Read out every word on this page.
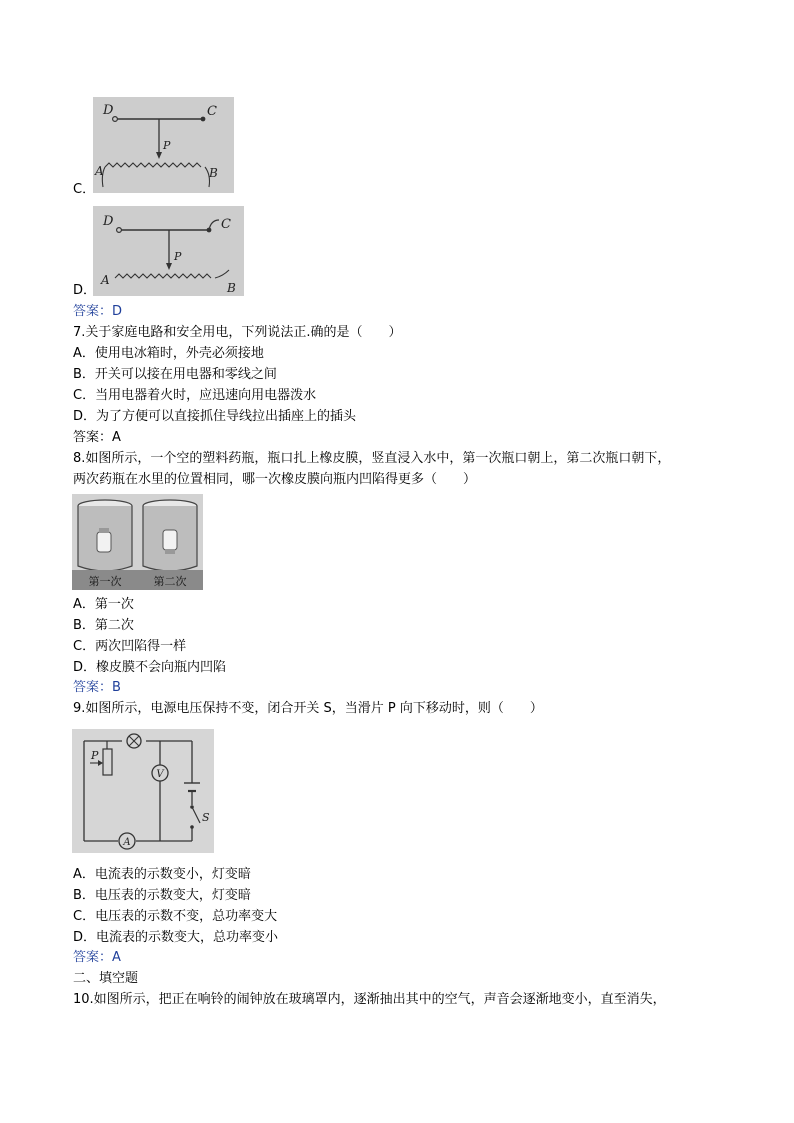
D	C
P
A	B
C．
D	C
P
A
B
D．
答案：D
7.关于家庭电路和安全用电，下列说法正.确的是（　　）
A．使用电冰箱时，外壳必须接地
B．开关可以接在用电器和零线之间
C．当用电器着火时，应迅速向用电器泼水
D．为了方便可以直接抓住导线拉出插座上的插头
答案：A
8.如图所示，一个空的塑料药瓶，瓶口扎上橡皮膜，竖直浸入水中，第一次瓶口朝上，第二次瓶口朝下，
两次药瓶在水里的位置相同，哪一次橡皮膜向瓶内凹陷得更多（　　）
第一次	第二次
A．第一次
B．第二次
C．两次凹陷得一样
D．橡皮膜不会向瓶内凹陷
答案：B
9.如图所示，电源电压保持不变，闭合开关 S，当滑片 P 向下移动时，则（　　）
P
V
A
S
A．电流表的示数变小，灯变暗
B．电压表的示数变大，灯变暗
C．电压表的示数不变，总功率变大
D．电流表的示数变大，总功率变小
答案：A
二、填空题
10.如图所示，把正在响铃的闹钟放在玻璃罩内，逐渐抽出其中的空气，声音会逐渐地变小，直至消失，
